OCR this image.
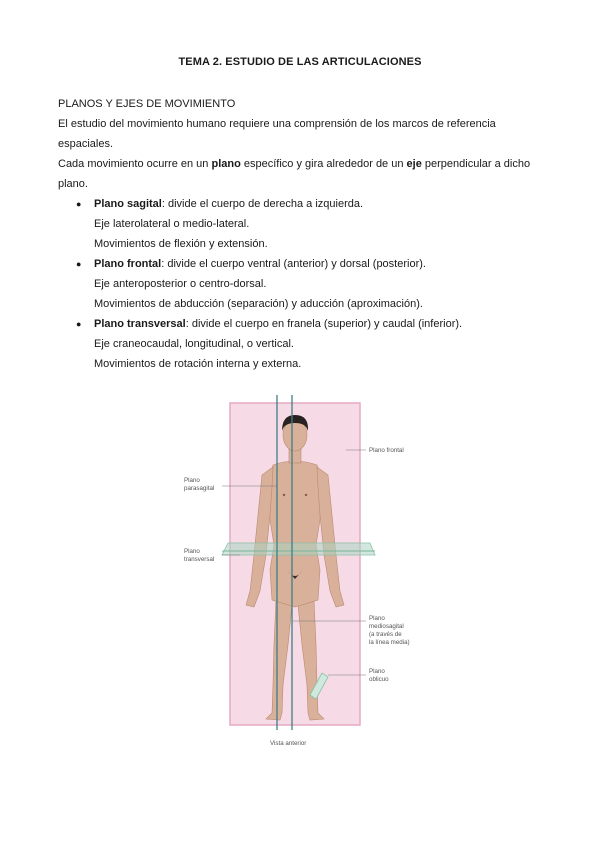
TEMA 2. ESTUDIO DE LAS ARTICULACIONES
PLANOS Y EJES DE MOVIMIENTO
El estudio del movimiento humano requiere una comprensión de los marcos de referencia
espaciales.
Cada movimiento ocurre en un plano específico y gira alrededor de un eje perpendicular a dicho
plano.
● Plano sagital: divide el cuerpo de derecha a izquierda.
Eje laterolateral o medio-lateral.
Movimientos de flexión y extensión.
● Plano frontal: divide el cuerpo ventral (anterior) y dorsal (posterior).
Eje anteroposterior o centro-dorsal.
Movimientos de abducción (separación) y aducción (aproximación).
● Plano transversal: divide el cuerpo en franela (superior) y caudal (inferior).
Eje craneocaudal, longitudinal, o vertical.
Movimientos de rotación interna y externa.
Plano frontal
Plano
parasagital
Plano
transversal
Plano
mediosagital
(a través de
la línea media)
Plano
oblicuo
Vista anterior
